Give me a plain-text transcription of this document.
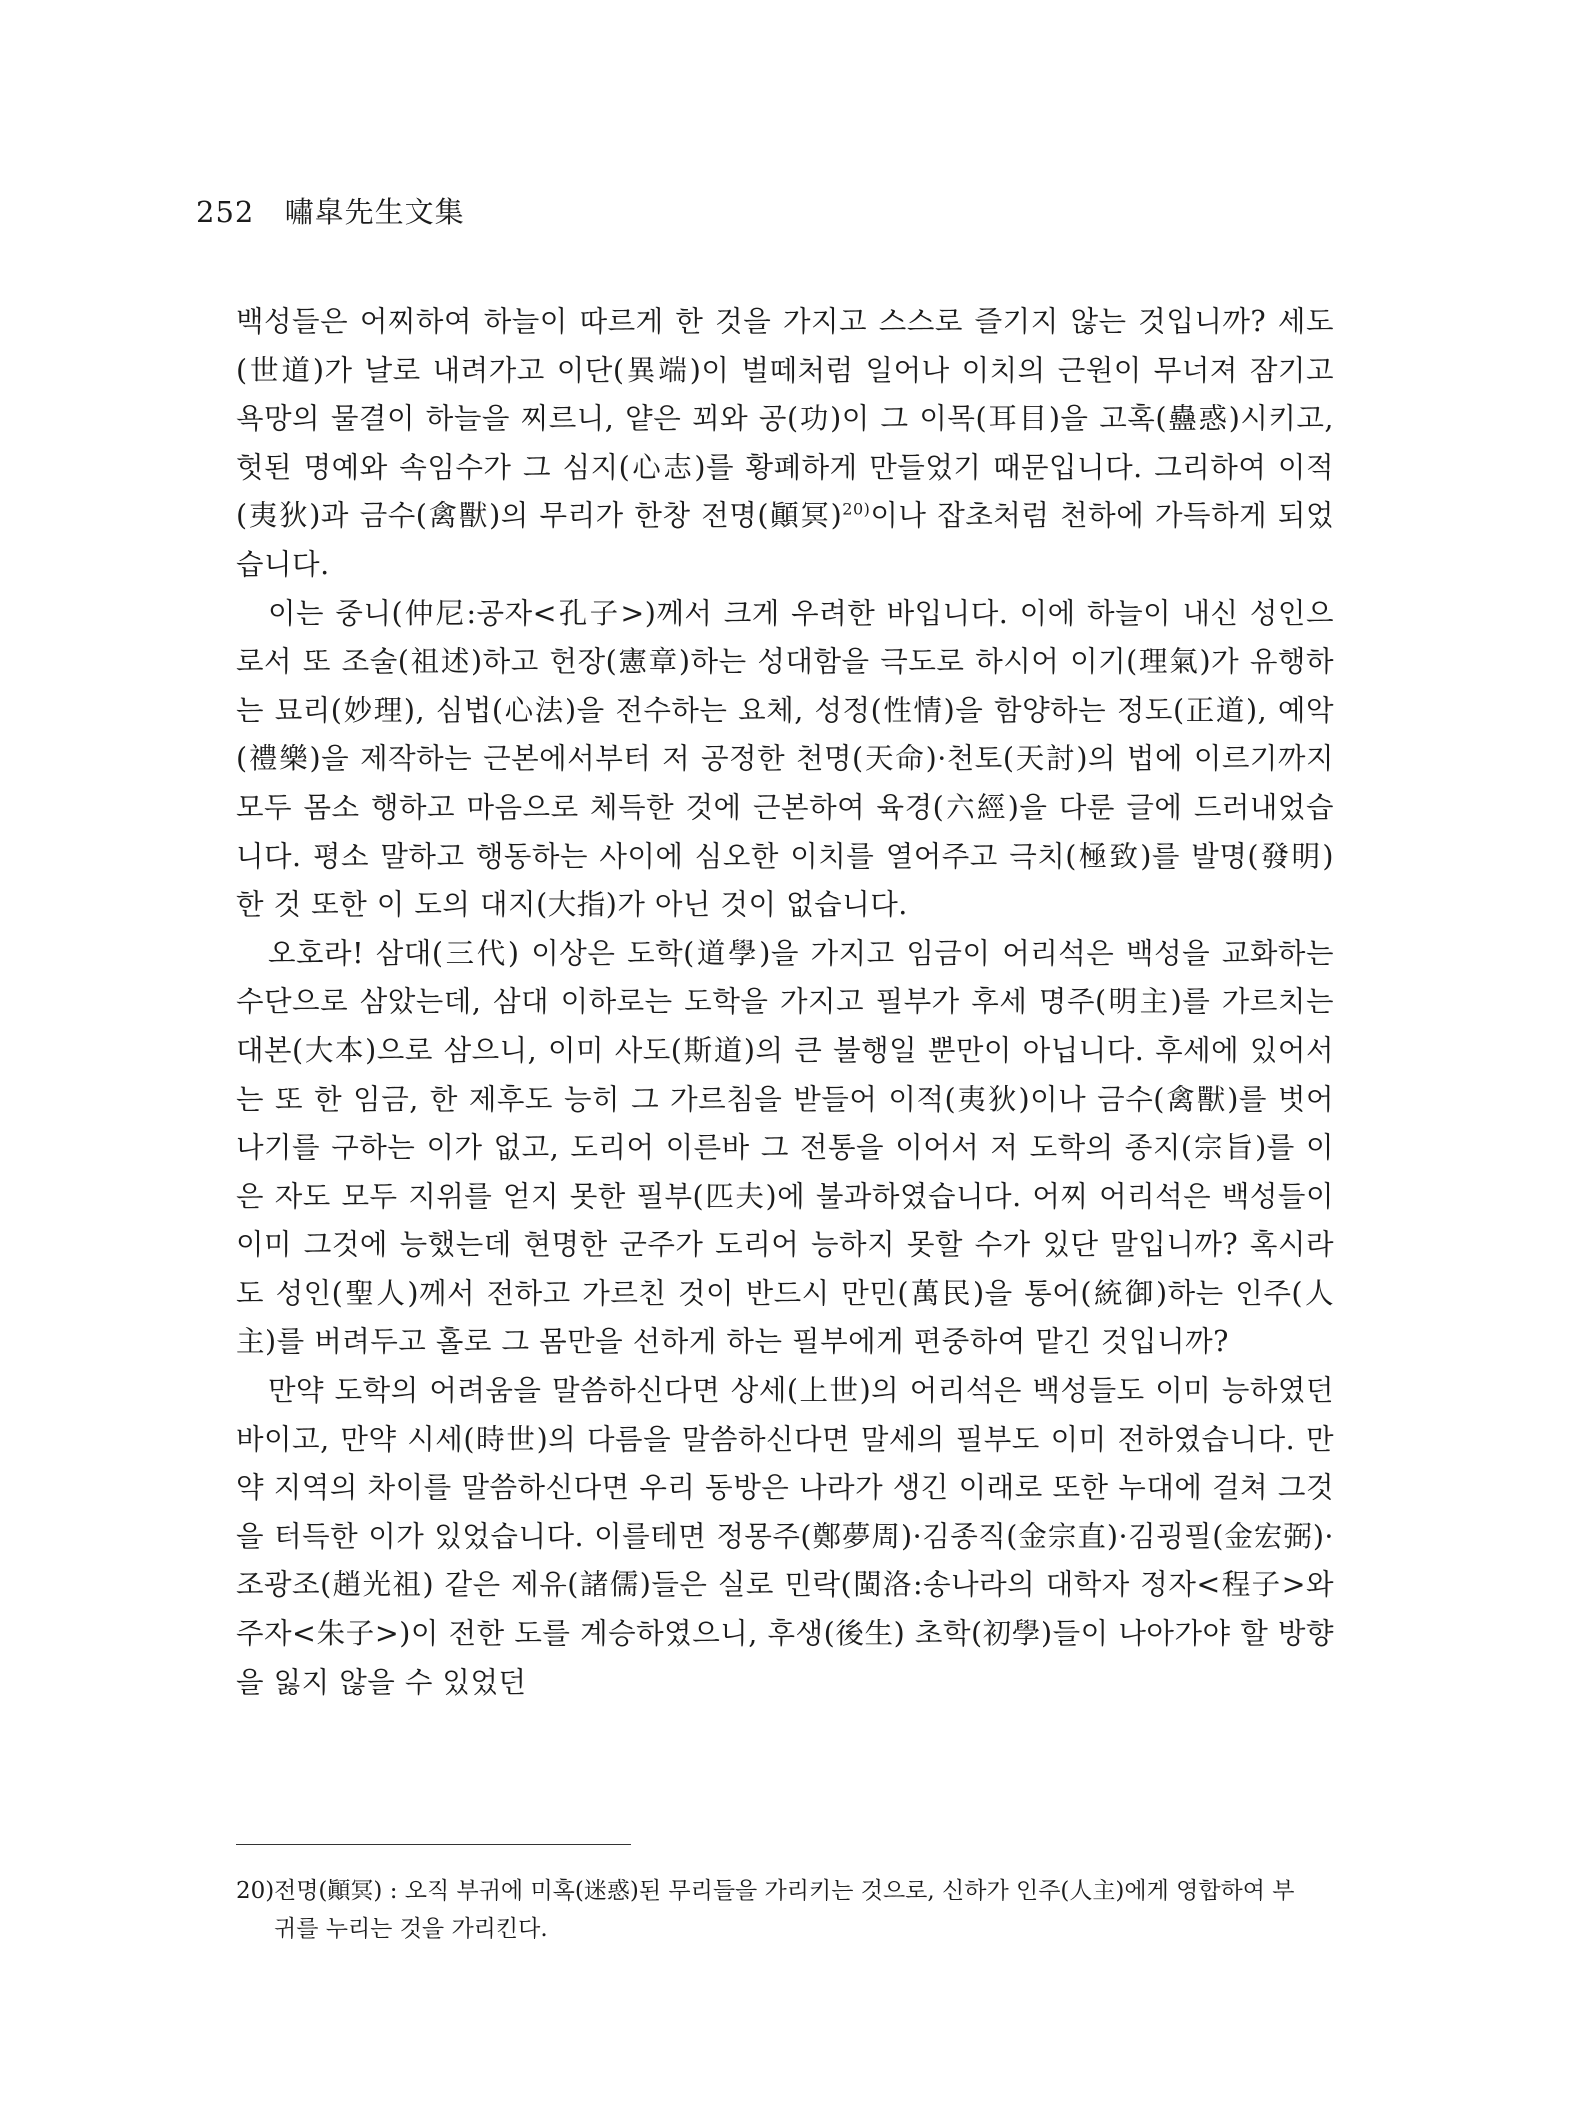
252 嘯皐先生文集

백성들은 어찌하여 하늘이 따르게 한 것을 가지고 스스로 즐기지 않는 것입니까? 세도(世道)가 날로 내려가고 이단(異端)이 벌떼처럼 일어나 이치의 근원이 무너져 잠기고 욕망의 물결이 하늘을 찌르니, 얕은 꾀와 공(功)이 그 이목(耳目)을 고혹(蠱惑)시키고, 헛된 명예와 속임수가 그 심지(心志)를 황폐하게 만들었기 때문입니다. 그리하여 이적(夷狄)과 금수(禽獸)의 무리가 한창 전명(顚冥)$^{20)}$이나 잡초처럼 천하에 가득하게 되었습니다.

이는 중니(仲尼:공자<孔子>)께서 크게 우려한 바입니다. 이에 하늘이 내신 성인으로서 또 조술(祖述)하고 헌장(憲章)하는 성대함을 극도로 하시어 이기(理氣)가 유행하는 묘리(妙理), 심법(心法)을 전수하는 요체, 성정(性情)을 함양하는 정도(正道), 예악(禮樂)을 제작하는 근본에서부터 저 공정한 천명(天命)·천토(天討)의 법에 이르기까지 모두 몸소 행하고 마음으로 체득한 것에 근본하여 육경(六經)을 다룬 글에 드러내었습니다. 평소 말하고 행동하는 사이에 심오한 이치를 열어주고 극치(極致)를 발명(發明)한 것 또한 이 도의 대지(大指)가 아닌 것이 없습니다.

오호라! 삼대(三代) 이상은 도학(道學)을 가지고 임금이 어리석은 백성을 교화하는 수단으로 삼았는데, 삼대 이하로는 도학을 가지고 필부가 후세 명주(明主)를 가르치는 대본(大本)으로 삼으니, 이미 사도(斯道)의 큰 불행일 뿐만이 아닙니다. 후세에 있어서는 또 한 임금, 한 제후도 능히 그 가르침을 받들어 이적(夷狄)이나 금수(禽獸)를 벗어나기를 구하는 이가 없고, 도리어 이른바 그 전통을 이어서 저 도학의 종지(宗旨)를 이은 자도 모두 지위를 얻지 못한 필부(匹夫)에 불과하였습니다. 어찌 어리석은 백성들이 이미 그것에 능했는데 현명한 군주가 도리어 능하지 못할 수가 있단 말입니까? 혹시라도 성인(聖人)께서 전하고 가르친 것이 반드시 만민(萬民)을 통어(統御)하는 인주(人主)를 버려두고 홀로 그 몸만을 선하게 하는 필부에게 편중하여 맡긴 것입니까?

만약 도학의 어려움을 말씀하신다면 상세(上世)의 어리석은 백성들도 이미 능하였던 바이고, 만약 시세(時世)의 다름을 말씀하신다면 말세의 필부도 이미 전하였습니다. 만약 지역의 차이를 말씀하신다면 우리 동방은 나라가 생긴 이래로 또한 누대에 걸쳐 그것을 터득한 이가 있었습니다. 이를테면 정몽주(鄭夢周)·김종직(金宗直)·김굉필(金宏弼)·조광조(趙光祖) 같은 제유(諸儒)들은 실로 민락(閩洛:송나라의 대학자 정자<程子>와 주자<朱子>)이 전한 도를 계승하였으니, 후생(後生) 초학(初學)들이 나아가야 할 방향을 잃지 않을 수 있었던

20)전명(顚冥) : 오직 부귀에 미혹(迷惑)된 무리들을 가리키는 것으로, 신하가 인주(人主)에게 영합하여 부
귀를 누리는 것을 가리킨다.
